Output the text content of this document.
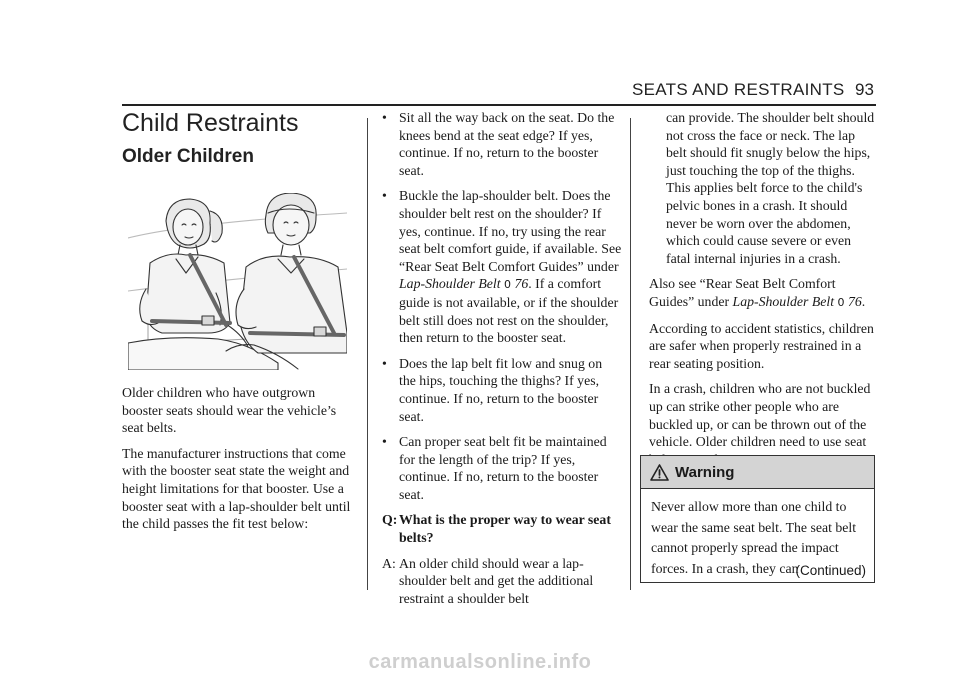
SEATS AND RESTRAINTS 93
Child Restraints
Older Children

Older children who have outgrown booster seats should wear the vehicle’s seat belts.

The manufacturer instructions that come with the booster seat state the weight and height limitations for that booster. Use a booster seat with a lap-shoulder belt until the child passes the fit test below:

• Sit all the way back on the seat. Do the knees bend at the seat edge? If yes, continue. If no, return to the booster seat.
• Buckle the lap-shoulder belt. Does the shoulder belt rest on the shoulder? If yes, continue. If no, try using the rear seat belt comfort guide, if available. See “Rear Seat Belt Comfort Guides” under Lap-Shoulder Belt 0 76. If a comfort guide is not available, or if the shoulder belt still does not rest on the shoulder, then return to the booster seat.
• Does the lap belt fit low and snug on the hips, touching the thighs? If yes, continue. If no, return to the booster seat.
• Can proper seat belt fit be maintained for the length of the trip? If yes, continue. If no, return to the booster seat.
Q: What is the proper way to wear seat belts?
A: An older child should wear a lap-shoulder belt and get the additional restraint a shoulder belt

can provide. The shoulder belt should not cross the face or neck. The lap belt should fit snugly below the hips, just touching the top of the thighs. This applies belt force to the child's pelvic bones in a crash. It should never be worn over the abdomen, which could cause severe or even fatal internal injuries in a crash.

Also see “Rear Seat Belt Comfort Guides” under Lap-Shoulder Belt 0 76.

According to accident statistics, children are safer when properly restrained in a rear seating position.

In a crash, children who are not buckled up can strike other people who are buckled up, or can be thrown out of the vehicle. Older children need to use seat

Warning
Never allow more than one child to wear the same seat belt. The seat belt cannot properly spread the impact forces. In a crash, they can
(Continued)
carmanualsonline.info
